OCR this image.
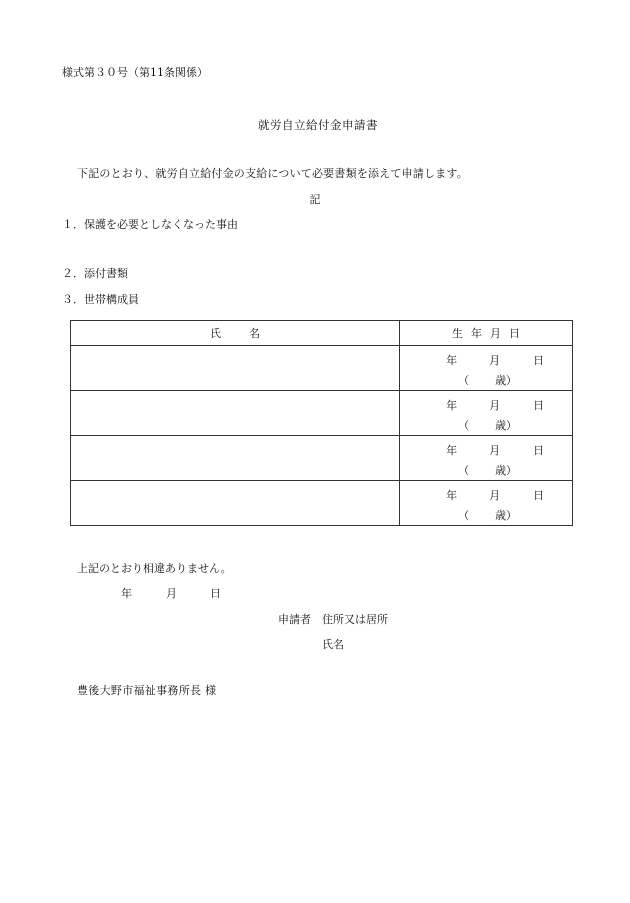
様式第３０号（第11条関係）
就労自立給付金申請書
下記のとおり、就労自立給付金の支給について必要書類を添えて申請します。
記
１．保護を必要としなくなった事由
２．添付書類
３．世帯構成員
氏名	生年月日

	年 月 日
（ 歳）

	年 月 日
（ 歳）

	年 月 日
（ 歳）

	年 月 日
（ 歳）
上記のとおり相違ありません。
年	月	日
申請者 住所又は居所
氏名
豊後大野市福祉事務所長 様
